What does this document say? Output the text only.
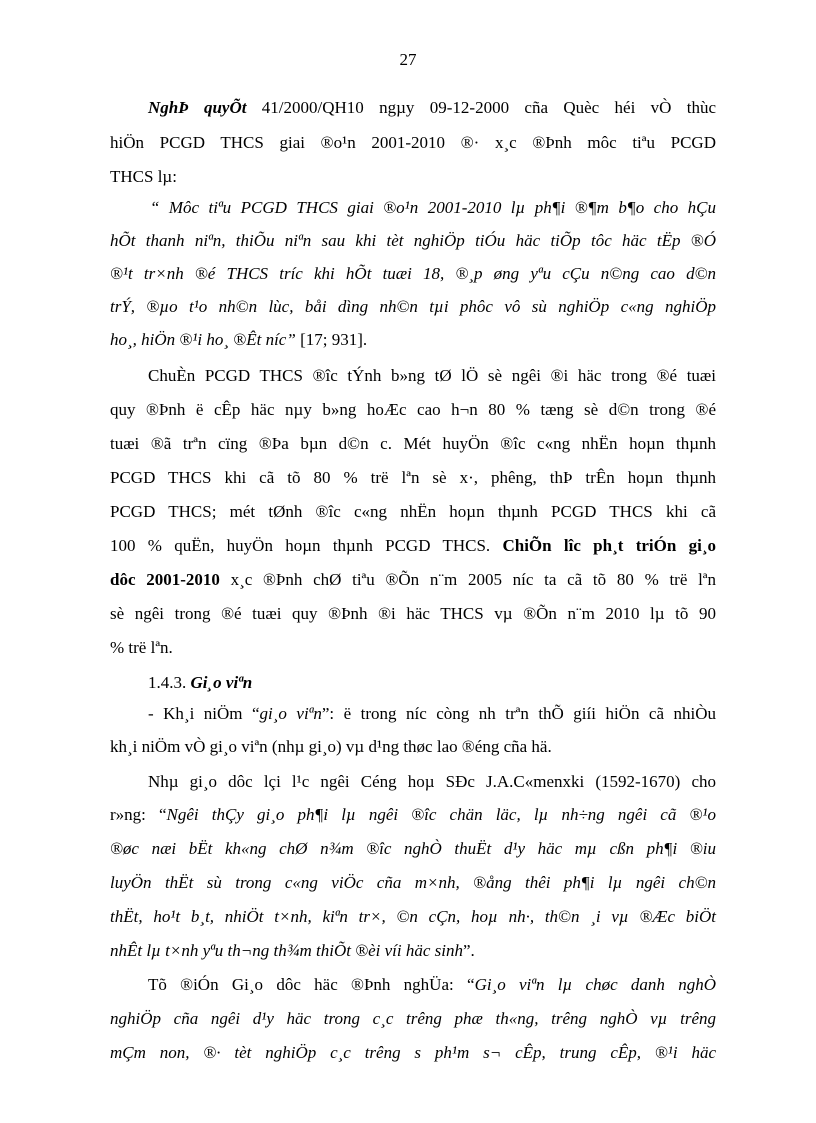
27
NghÞ quyÕt 41/2000/QH10 ngµy 09-12-2000 cña Quèc héi vÒ thùc
hiÖn PCGD THCS giai ®o¹n 2001-2010 ®· x¸c ®Þnh môc tiªu PCGD
THCS lµ:
“ Môc tiªu PCGD THCS giai ®o¹n 2001-2010 lµ ph¶i ®¶m b¶o cho hÇu
hÕt thanh niªn, thiÕu niªn sau khi tèt nghiÖp tiÓu häc tiÕp tôc häc tËp ®Ó
®¹t tr×nh ®é THCS tríc khi hÕt tuæi 18, ®¸p øng yªu cÇu n©ng cao d©n
trÝ, ®µo t¹o nh©n lùc, båi dìng nh©n tµi phôc vô sù nghiÖp c«ng nghiÖp
ho¸, hiÖn ®¹i ho¸ ®Êt níc” [17; 931].
ChuÈn PCGD THCS ®îc tÝnh b»ng tØ lÖ sè ngêi ®i häc trong ®é tuæi
quy ®Þnh ë cÊp häc nµy b»ng hoÆc cao h¬n 80 % tæng sè d©n trong ®é
tuæi ®ã trªn cïng ®Þa bµn d©n c. Mét huyÖn ®îc c«ng nhËn hoµn thµnh
PCGD THCS khi cã tõ 80 % trë lªn sè x·, phêng, thÞ trÊn hoµn thµnh
PCGD THCS; mét tØnh ®îc c«ng nhËn hoµn thµnh PCGD THCS khi cã
100 % quËn, huyÖn hoµn thµnh PCGD THCS. ChiÕn lîc ph¸t triÓn gi¸o
dôc 2001-2010 x¸c ®Þnh chØ tiªu ®Õn n¨m 2005 níc ta cã tõ 80 % trë lªn
sè ngêi trong ®é tuæi quy ®Þnh ®i häc THCS vµ ®Õn n¨m 2010 lµ tõ 90
% trë lªn.
1.4.3. Gi¸o viªn
- Kh¸i niÖm “gi¸o viªn”: ë trong níc còng nh trªn thÕ giíi hiÖn cã nhiÒu
kh¸i niÖm vÒ gi¸o viªn (nhµ gi¸o) vµ d¹ng thøc lao ®éng cña hä.
Nhµ gi¸o dôc lçi l¹c ngêi Céng hoµ SÐc J.A.C«menxki (1592-1670) cho
r»ng: “Ngêi thÇy gi¸o ph¶i lµ ngêi ®îc chän läc, lµ nh÷ng ngêi cã ®¹o
®øc næi bËt kh«ng chØ n¾m ®îc nghÒ thuËt d¹y häc mµ cßn ph¶i ®iu
luyÖn thËt sù trong c«ng viÖc cña m×nh, ®ång thêi ph¶i lµ ngêi ch©n
thËt, ho¹t b¸t, nhiÖt t×nh, kiªn tr×, ©n cÇn, hoµ nh·, th©n ¸i vµ ®Æc biÖt
nhÊt lµ t×nh yªu th¬ng th¾m thiÕt ®èi víi häc sinh”.
Tõ ®iÓn Gi¸o dôc häc ®Þnh nghÜa: “Gi¸o viªn lµ chøc danh nghÒ
nghiÖp cña ngêi d¹y häc trong c¸c trêng phæ th«ng, trêng nghÒ vµ trêng
mÇm non, ®· tèt nghiÖp c¸c trêng s ph¹m s¬ cÊp, trung cÊp, ®¹i häc
